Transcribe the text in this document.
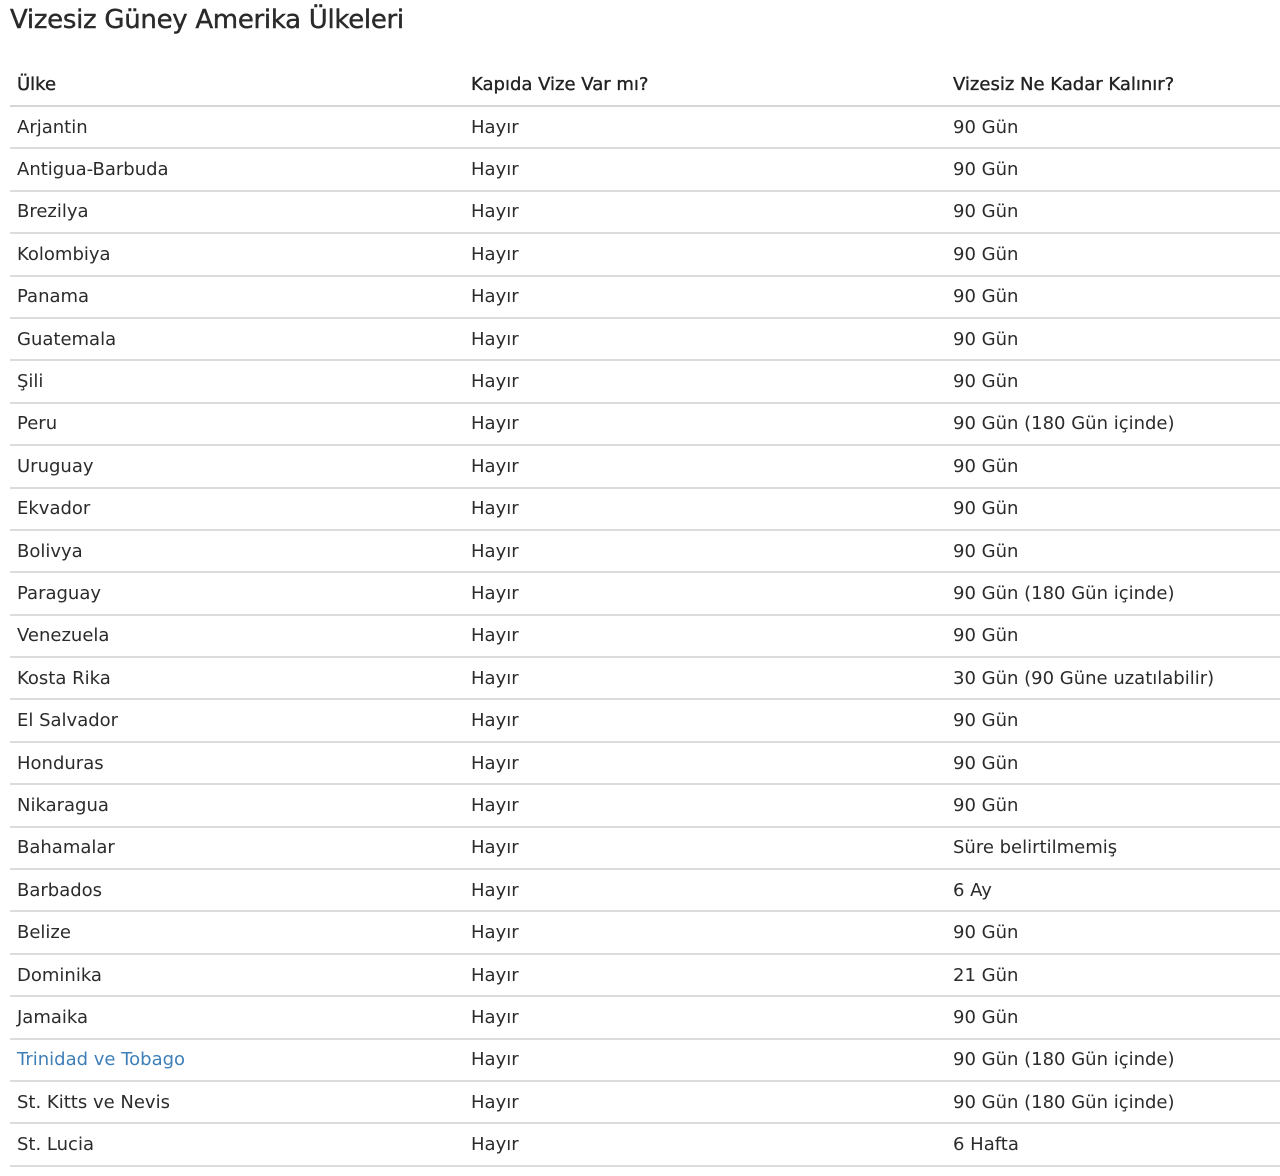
Vizesiz Güney Amerika Ülkeleri
Ülke	Kapıda Vize Var mı?	Vizesiz Ne Kadar Kalınır?
Arjantin	Hayır	90 Gün
Antigua-Barbuda	Hayır	90 Gün
Brezilya	Hayır	90 Gün
Kolombiya	Hayır	90 Gün
Panama	Hayır	90 Gün
Guatemala	Hayır	90 Gün
Şili	Hayır	90 Gün
Peru	Hayır	90 Gün (180 Gün içinde)
Uruguay	Hayır	90 Gün
Ekvador	Hayır	90 Gün
Bolivya	Hayır	90 Gün
Paraguay	Hayır	90 Gün (180 Gün içinde)
Venezuela	Hayır	90 Gün
Kosta Rika	Hayır	30 Gün (90 Güne uzatılabilir)
El Salvador	Hayır	90 Gün
Honduras	Hayır	90 Gün
Nikaragua	Hayır	90 Gün
Bahamalar	Hayır	Süre belirtilmemiş
Barbados	Hayır	6 Ay
Belize	Hayır	90 Gün
Dominika	Hayır	21 Gün
Jamaika	Hayır	90 Gün
Trinidad ve Tobago	Hayır	90 Gün (180 Gün içinde)
St. Kitts ve Nevis	Hayır	90 Gün (180 Gün içinde)
St. Lucia	Hayır	6 Hafta
